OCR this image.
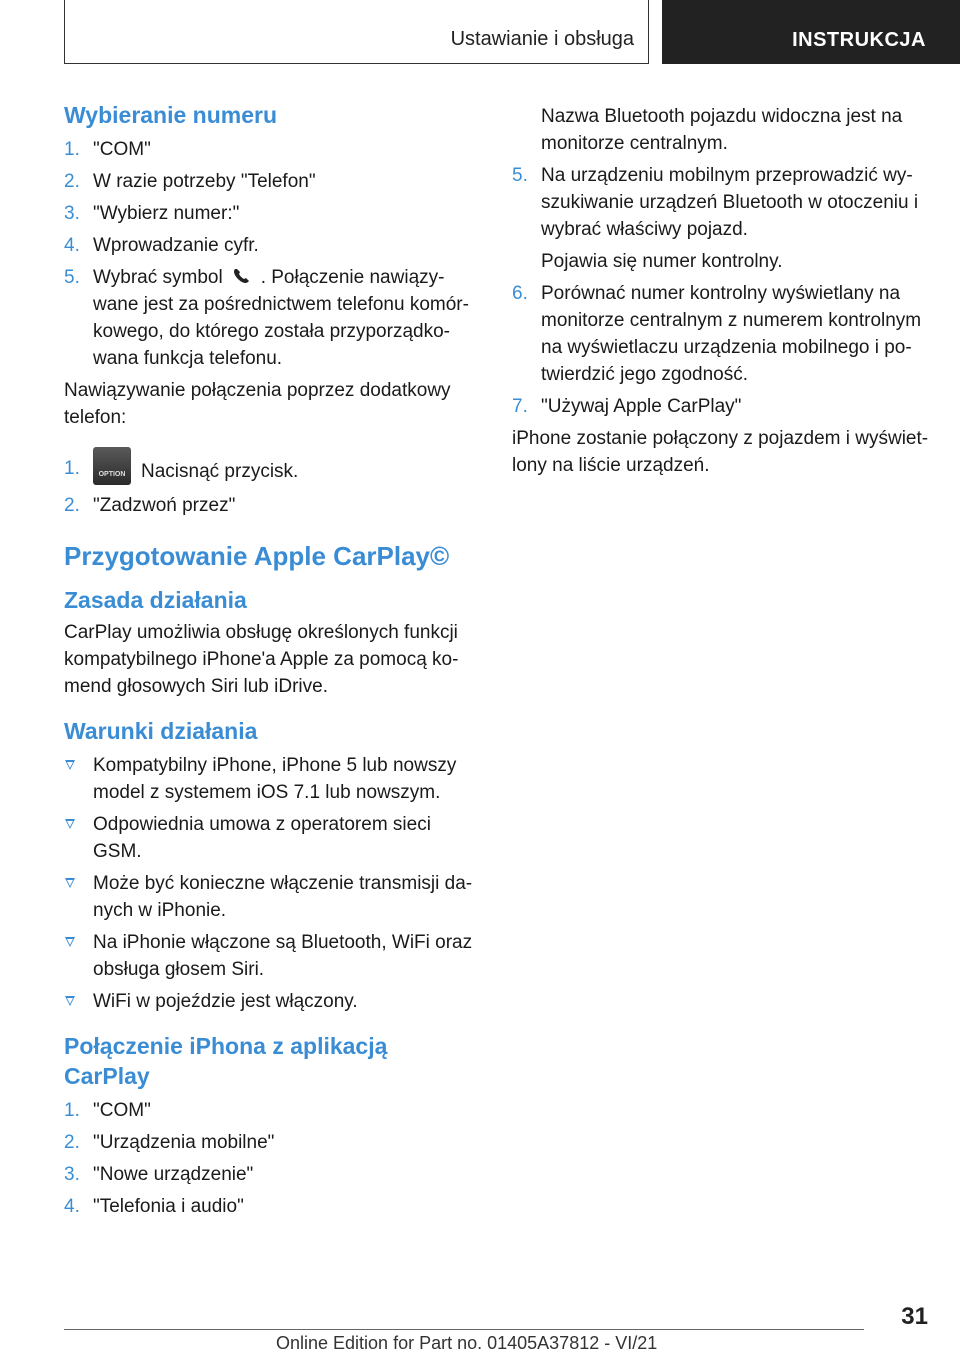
Ustawianie i obsługa	INSTRUKCJA
Wybieranie numeru
1. "COM"
2. W razie potrzeby "Telefon"
3. "Wybierz numer:"
4. Wprowadzanie cyfr.
5. Wybrać symbol . Połączenie nawiązywane jest za pośrednictwem telefonu komórkowego, do którego została przyporządkowana funkcja telefonu.

Nawiązywanie połączenia poprzez dodatkowy telefon:

1.	OPTION Nacisnąć przycisk.
2. "Zadzwoń przez"
Przygotowanie Apple CarPlay©
Zasada działania

CarPlay umożliwia obsługę określonych funkcji kompatybilnego iPhone'a Apple za pomocą komend głosowych Siri lub iDrive.

Warunki działania
Kompatybilny iPhone, iPhone 5 lub nowszy model z systemem iOS 7.1 lub nowszym.
Odpowiednia umowa z operatorem sieci GSM.
Może być konieczne włączenie transmisji danych w iPhonie.
Na iPhonie włączone są Bluetooth, WiFi oraz obsługa głosem Siri.
WiFi w pojeździe jest włączony.
Połączenie iPhona z aplikacją CarPlay
1. "COM"
2. "Urządzenia mobilne"
3. "Nowe urządzenie"
4. "Telefonia i audio"

Nazwa Bluetooth pojazdu widoczna jest na monitorze centralnym.

5. Na urządzeniu mobilnym przeprowadzić wyszukiwanie urządzeń Bluetooth w otoczeniu i wybrać właściwy pojazd.

Pojawia się numer kontrolny.

6. Porównać numer kontrolny wyświetlany na monitorze centralnym z numerem kontrolnym na wyświetlaczu urządzenia mobilnego i potwierdzić jego zgodność.
7. "Używaj Apple CarPlay"

iPhone zostanie połączony z pojazdem i wyświetlony na liście urządzeń.

31
Online Edition for Part no. 01405A37812 - VI/21
